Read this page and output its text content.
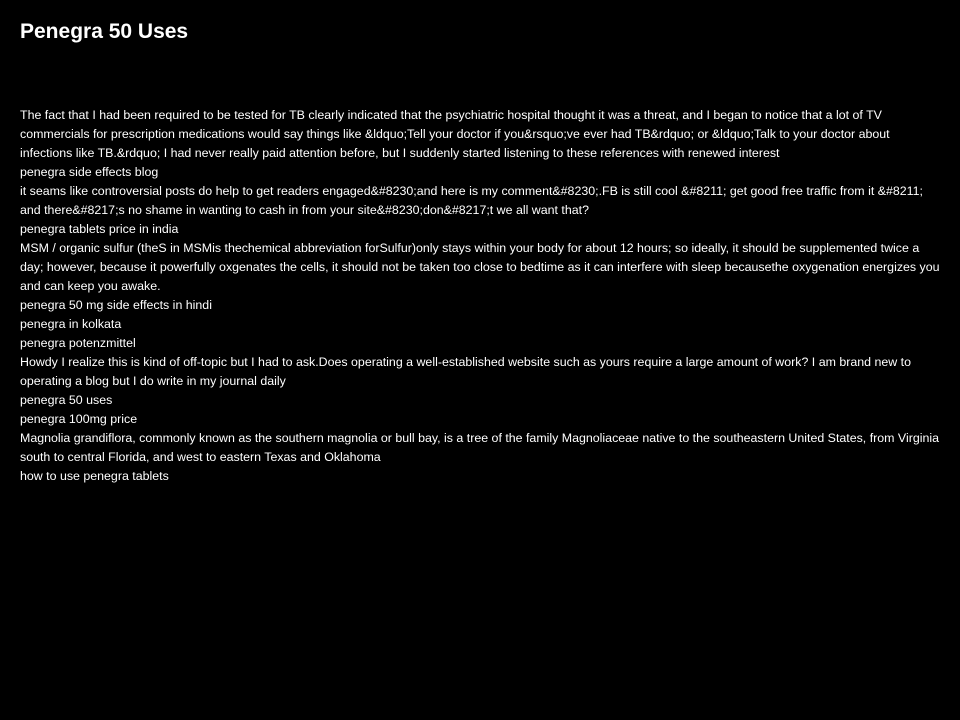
Penegra 50 Uses

The fact that I had been required to be tested for TB clearly indicated that the psychiatric hospital thought it was a threat, and I began to notice that a lot of TV commercials for prescription medications would say things like &ldquo;Tell your doctor if you&rsquo;ve ever had TB&rdquo; or &ldquo;Talk to your doctor about infections like TB.&rdquo; I had never really paid attention before, but I suddenly started listening to these references with renewed interest

penegra side effects blog

it seams like controversial posts do help to get readers engaged&#8230;and here is my comment&#8230;.FB is still cool &#8211; get good free traffic from it &#8211; and there&#8217;s no shame in wanting to cash in from your site&#8230;don&#8217;t we all want that?

penegra tablets price in india

MSM / organic sulfur (theS in MSMis thechemical abbreviation forSulfur)only stays within your body for about 12 hours; so ideally, it should be supplemented twice a day; however, because it powerfully oxgenates the cells, it should not be taken too close to bedtime as it can interfere with sleep becausethe oxygenation energizes you and can keep you awake.

penegra 50 mg side effects in hindi

penegra in kolkata

penegra potenzmittel

Howdy I realize this is kind of off-topic but I had to ask.Does operating a well-established website such as yours require a large amount of work? I am brand new to operating a blog but I do write in my journal daily

penegra 50 uses

penegra 100mg price

Magnolia grandiflora, commonly known as the southern magnolia or bull bay, is a tree of the family Magnoliaceae native to the southeastern United States, from Virginia south to central Florida, and west to eastern Texas and Oklahoma

how to use penegra tablets
